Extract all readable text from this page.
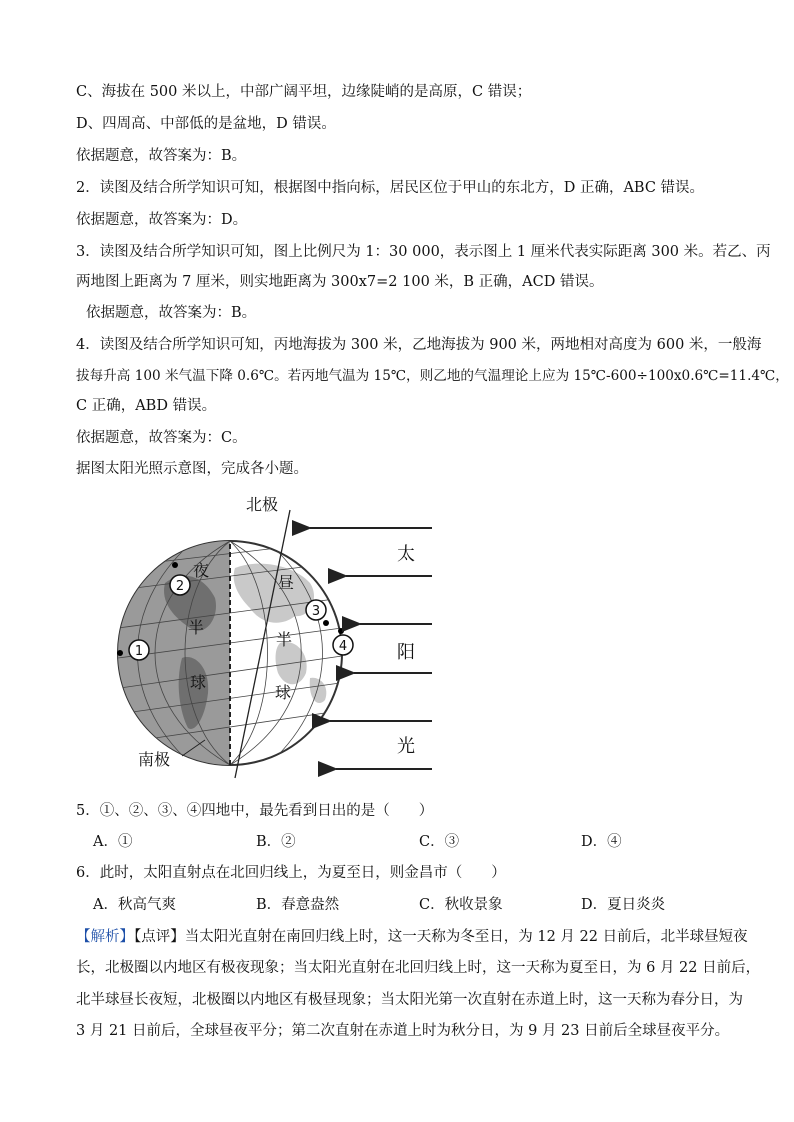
C、海拔在 500 米以上，中部广阔平坦，边缘陡峭的是高原，C 错误；
D、四周高、中部低的是盆地，D 错误。
依据题意，故答案为：B。
2．读图及结合所学知识可知，根据图中指向标，居民区位于甲山的东北方，D 正确，ABC 错误。
依据题意，故答案为：D。
3．读图及结合所学知识可知，图上比例尺为 1：30 000，表示图上 1 厘米代表实际距离 300 米。若乙、丙
两地图上距离为 7 厘米，则实地距离为 300x7=2 100 米，B 正确，ACD 错误。
依据题意，故答案为：B。
4．读图及结合所学知识可知，丙地海拔为 300 米，乙地海拔为 900 米，两地相对高度为 600 米，一般海
拔每升高 100 米气温下降 0.6℃。若丙地气温为 15℃，则乙地的气温理论上应为 15℃-600÷100x0.6℃=11.4℃，
C 正确，ABD 错误。
依据题意，故答案为：C。
据图太阳光照示意图，完成各小题。
北极
南极
夜
半
球
昼
半
球
1
2
3
4
太
阳
光
5．①、②、③、④四地中，最先看到日出的是（　　）
A．①	B．②	C．③	D．④
6．此时，太阳直射点在北回归线上，为夏至日，则金昌市（　　）
A．秋高气爽	B．春意盎然	C．秋收景象	D．夏日炎炎
【解析】【点评】当太阳光直射在南回归线上时，这一天称为冬至日，为 12 月 22 日前后，北半球昼短夜
长，北极圈以内地区有极夜现象；当太阳光直射在北回归线上时，这一天称为夏至日，为 6 月 22 日前后，
北半球昼长夜短，北极圈以内地区有极昼现象；当太阳光第一次直射在赤道上时，这一天称为春分日，为
3 月 21 日前后，全球昼夜平分；第二次直射在赤道上时为秋分日，为 9 月 23 日前后全球昼夜平分。
